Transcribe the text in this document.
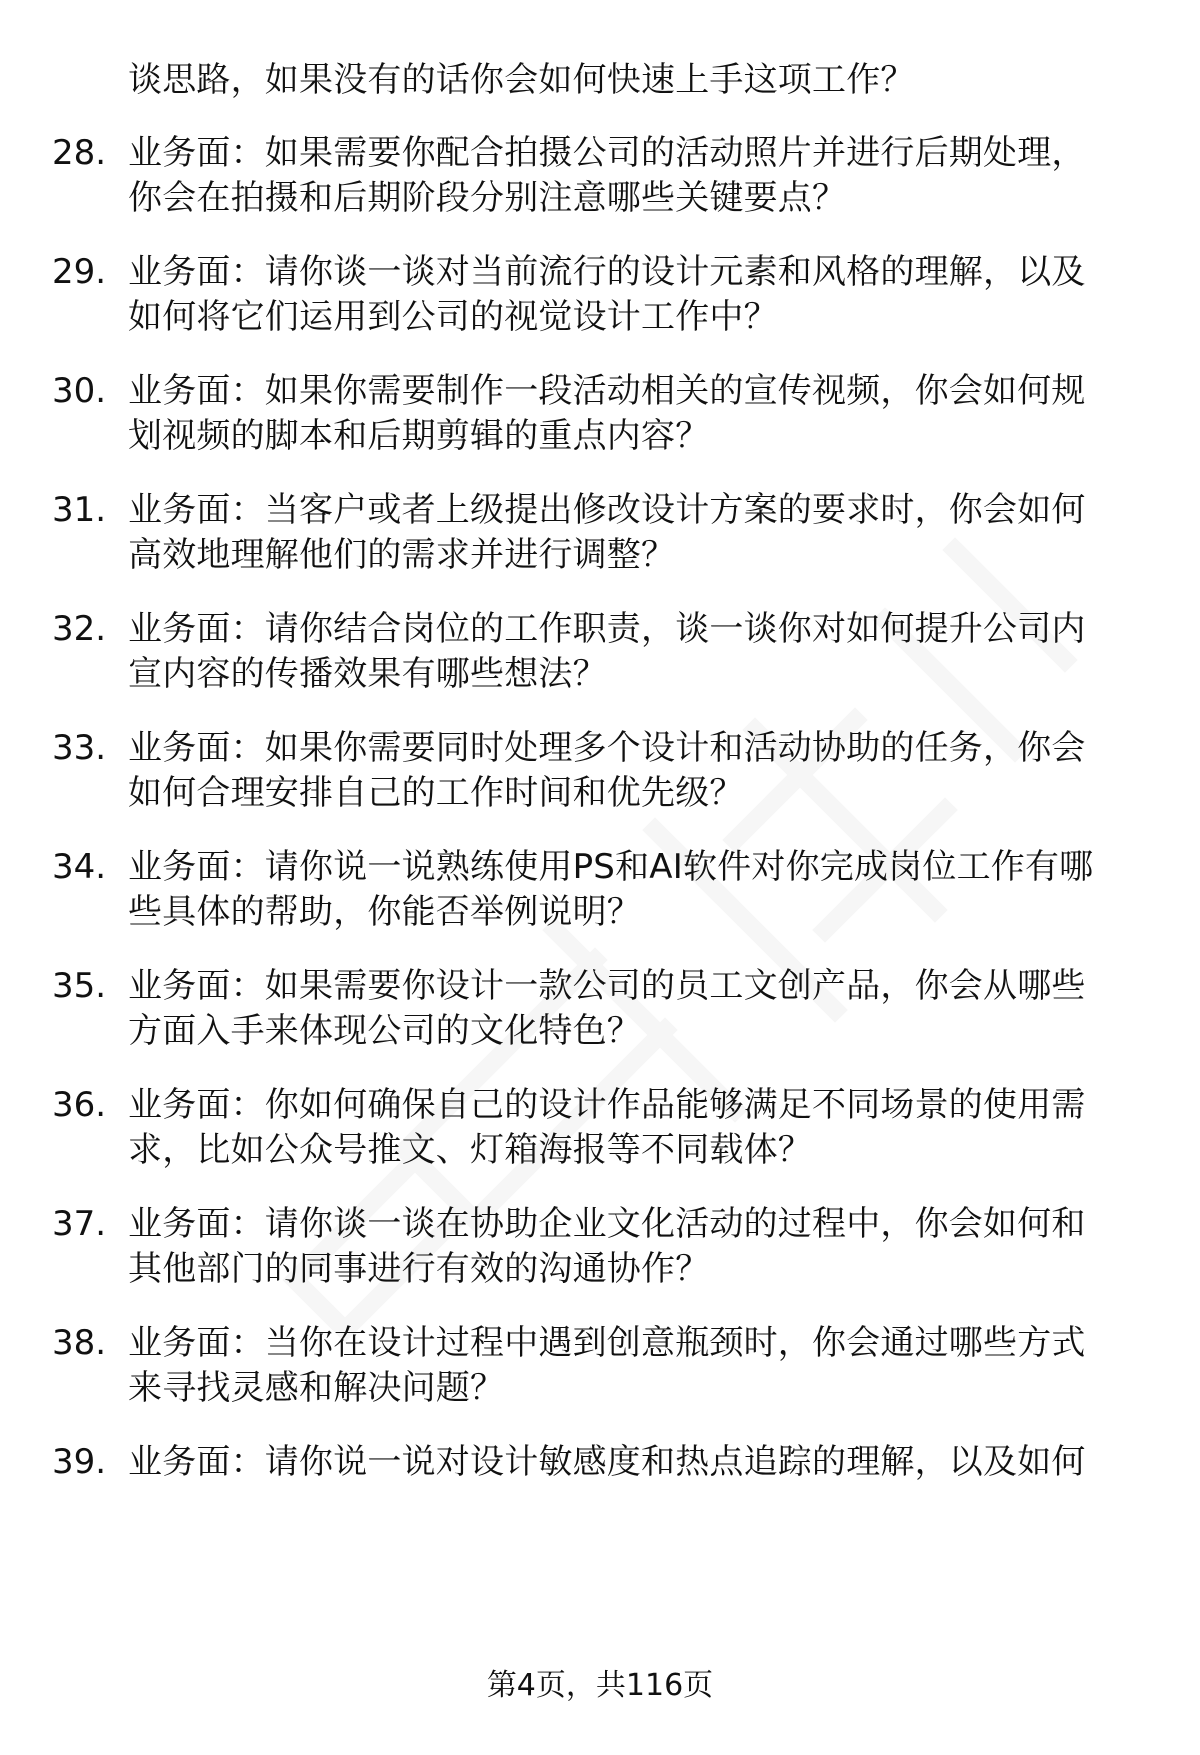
谈思路，如果没有的话你会如何快速上手这项工作？
28. 业务面：如果需要你配合拍摄公司的活动照片并进行后期处理，
你会在拍摄和后期阶段分别注意哪些关键要点？
29. 业务面：请你谈一谈对当前流行的设计元素和风格的理解，以及
如何将它们运用到公司的视觉设计工作中？
30. 业务面：如果你需要制作一段活动相关的宣传视频，你会如何规
划视频的脚本和后期剪辑的重点内容？
31. 业务面：当客户或者上级提出修改设计方案的要求时，你会如何
高效地理解他们的需求并进行调整？
32. 业务面：请你结合岗位的工作职责，谈一谈你对如何提升公司内
宣内容的传播效果有哪些想法？
33. 业务面：如果你需要同时处理多个设计和活动协助的任务，你会
如何合理安排自己的工作时间和优先级？
34. 业务面：请你说一说熟练使用PS和AI软件对你完成岗位工作有哪
些具体的帮助，你能否举例说明？
35. 业务面：如果需要你设计一款公司的员工文创产品，你会从哪些
方面入手来体现公司的文化特色？
36. 业务面：你如何确保自己的设计作品能够满足不同场景的使用需
求，比如公众号推文、灯箱海报等不同载体？
37. 业务面：请你谈一谈在协助企业文化活动的过程中，你会如何和
其他部门的同事进行有效的沟通协作？
38. 业务面：当你在设计过程中遇到创意瓶颈时，你会通过哪些方式
来寻找灵感和解决问题？
39. 业务面：请你说一说对设计敏感度和热点追踪的理解，以及如何
第4页，共116页
